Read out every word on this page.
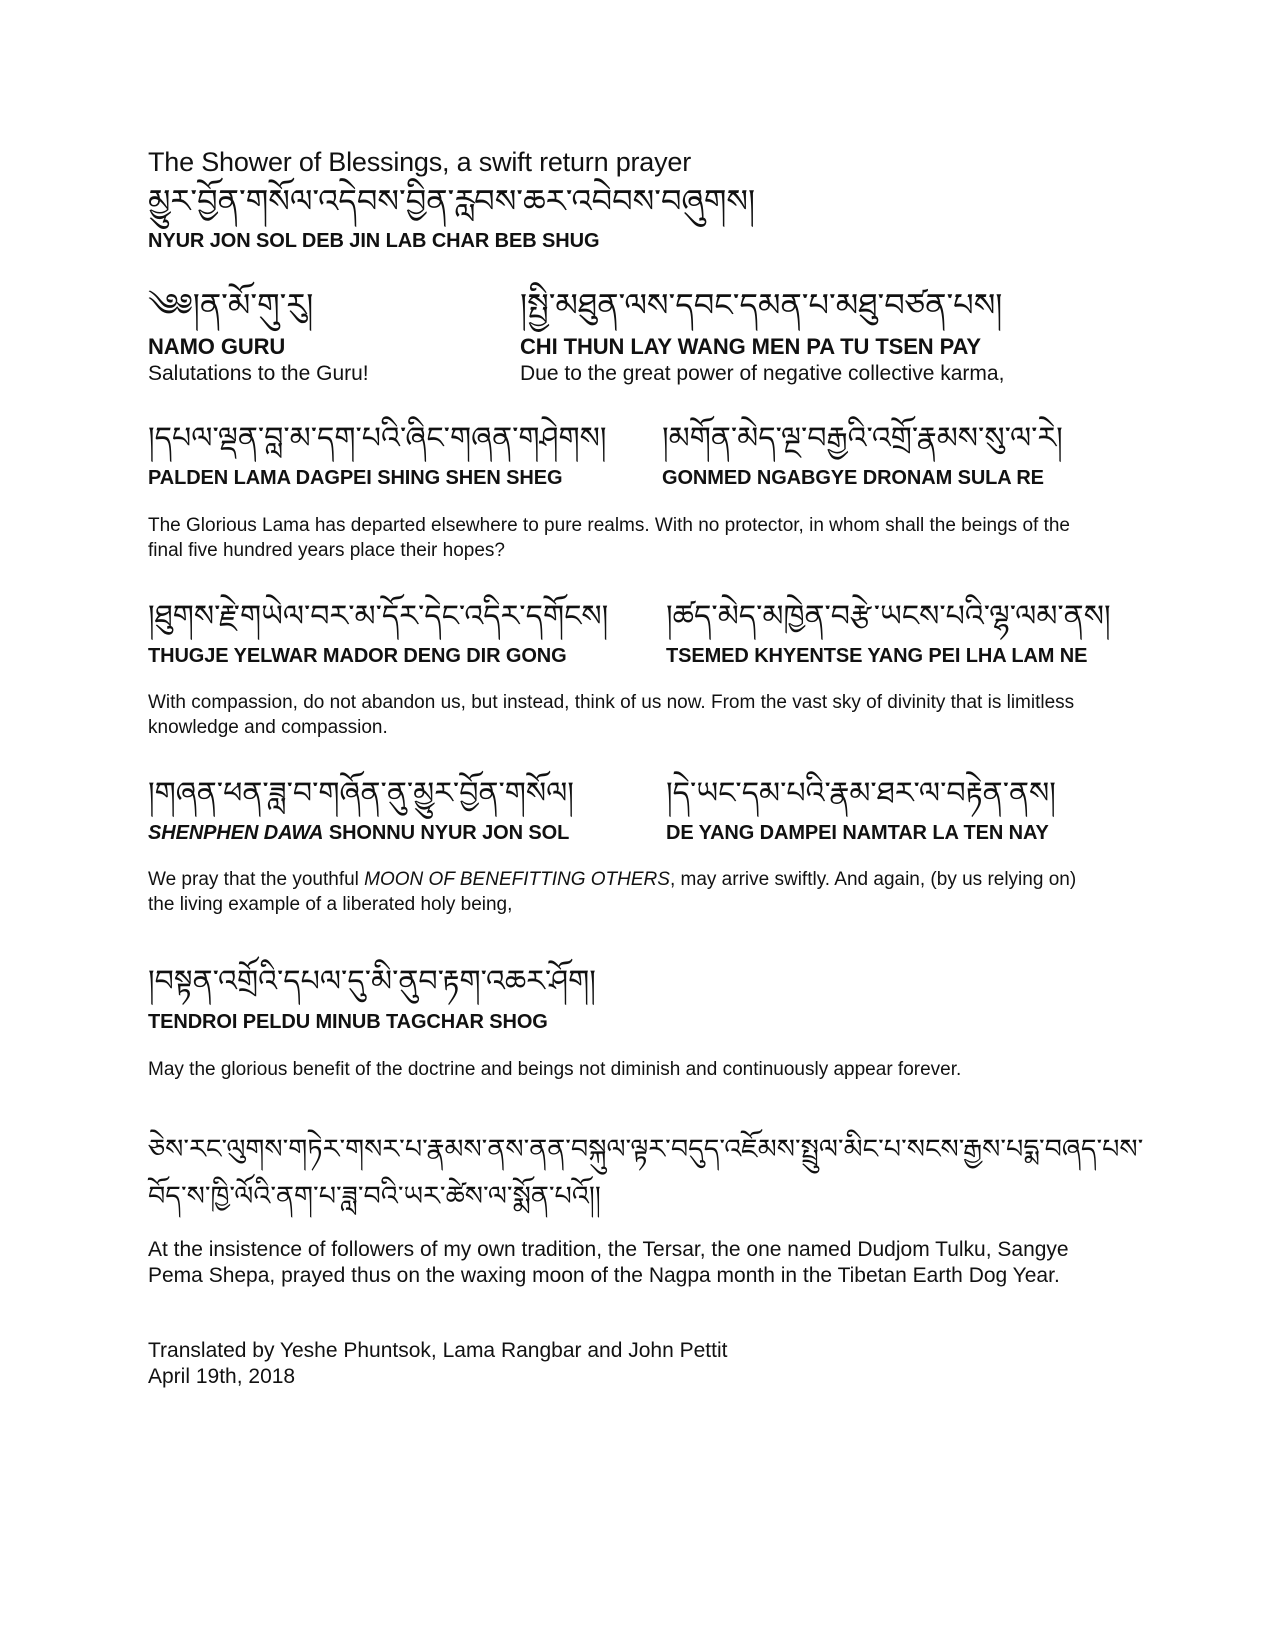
The Shower of Blessings, a swift return prayer
མྱུར་བྱོན་གསོལ་འདེབས་བྱིན་རླབས་ཆར་འབེབས་བཞུགས།
NYUR JON SOL DEB JIN LAB CHAR BEB SHUG
༄༅།ན་མོ་གུ་རུ།
NAMO GURU
Salutations to the Guru!
།སྤྱི་མཐུན་ལས་དབང་དམན་པ་མཐུ་བཙན་པས།
CHI THUN LAY WANG MEN PA TU TSEN PAY
Due to the great power of negative collective karma,
།དཔལ་ལྡན་བླ་མ་དག་པའི་ཞིང་གཞན་གཤེགས།
PALDEN LAMA DAGPEI SHING SHEN SHEG
།མགོན་མེད་ལྔ་བརྒྱའི་འགྲོ་རྣམས་སུ་ལ་རེ།
GONMED NGABGYE DRONAM SULA RE
The Glorious Lama has departed elsewhere to pure realms. With no protector, in whom shall the beings of the final five hundred years place their hopes?
།ཐུགས་རྗེ་གཡེལ་བར་མ་དོར་དེང་འདིར་དགོངས།
THUGJE YELWAR MADOR DENG DIR GONG
།ཚད་མེད་མཁྱེན་བརྩེ་ཡངས་པའི་ལྷ་ལམ་ནས།
TSEMED KHYENTSE YANG PEI LHA LAM NE
With compassion, do not abandon us, but instead, think of us now. From the vast sky of divinity that is limitless knowledge and compassion.
།གཞན་ཕན་ཟླ་བ་གཞོན་ནུ་མྱུར་བྱོན་གསོལ།
SHENPHEN DAWA SHONNU NYUR JON SOL
།དེ་ཡང་དམ་པའི་རྣམ་ཐར་ལ་བརྟེན་ནས།
DE YANG DAMPEI NAMTAR LA TEN NAY
We pray that the youthful MOON OF BENEFITTING OTHERS, may arrive swiftly. And again, (by us relying on) the living example of a liberated holy being,
།བསྟན་འགྲོའི་དཔལ་དུ་མི་ནུབ་རྟག་འཆར་ཤོག།
TENDROI PELDU MINUB TAGCHAR SHOG
May the glorious benefit of the doctrine and beings not diminish and continuously appear forever.
ཅེས་རང་ལུགས་གཏེར་གསར་པ་རྣམས་ནས་ནན་བསྐུལ་ལྟར་བདུད་འཇོམས་སྤྲུལ་མིང་པ་སངས་རྒྱས་པདྨ་བཞད་པས་
བོད་ས་ཁྱི་ལོའི་ནག་པ་ཟླ་བའི་ཡར་ཚེས་ལ་སྨོན་པའོ།།
At the insistence of followers of my own tradition, the Tersar, the one named Dudjom Tulku, Sangye Pema Shepa, prayed thus on the waxing moon of the Nagpa month in the Tibetan Earth Dog Year.
Translated by Yeshe Phuntsok, Lama Rangbar and John Pettit
April 19th, 2018
